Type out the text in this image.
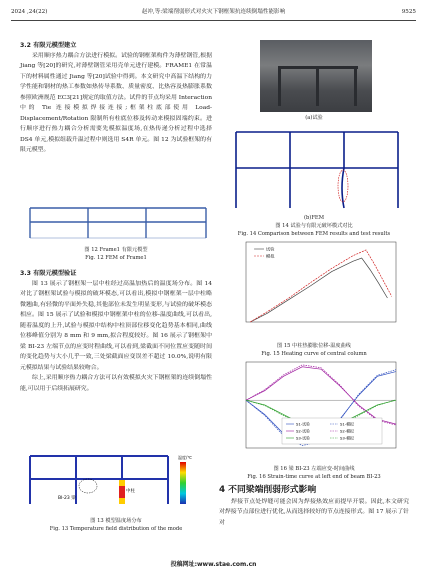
2024 ,24(22)	赵冲,等:梁端削弱形式对火灾下钢框架抗连续倒塌性能影响	9525
3.2 有限元模型建立

采用顺序热力耦合方法进行模拟。试验的钢框架构件为薄壁钢管,根据 Jiang 等[20]的研究,对薄壁钢管采用壳单元进行建模。FRAME1 在常温下的材料属性通过 Jiang 等[20]试验中得到。本文研究中高温下结构的力学性能和钢材的热工参数如热传导系数、质量密度、比热容及热膨胀系数参照欧洲规范 EC3[21]规定的取值方法。试件的节点均采用 Interaction 中的 Tie 连接模拟焊接连接;框架柱底部使用 Load-Displacement/Rotation 限制所有柱底位移及转动来模拟固端约束。进行顺序进行热力耦合分析需要先模拟温度场,在热传递分析过程中选择 DS4 单元,模拟组载升温过程中则选用 S4R 单元。图 12 为试验框架的有限元模型。

图 12 Frame1 有限元模型
Fig. 12 FEM of Frame1
3.3 有限元模型验证

图 13 展示了钢框架一层中柱经过高温加热后的温度场分布。图 14 对比了钢框架试验与模拟的破坏模态,可以看出,模拟中钢框架一层中柱略微翘曲,有轻微的平面外失稳,其他部位未发生明显变形,与试验的破坏模态相应。图 15 展示了试验和模拟中钢框架中柱的位移-温度曲线,可以看出,随着温度的上升,试验与模拟中结构中柱顶部位移变化趋势基本相同,曲线位移峰值分别为 8 mm 和 9 mm,拟合程度较好。图 16 展示了钢框架中梁 BI-23 左端节点的应变时程曲线,可以看到,梁截面不同位置应变随时间的变化趋势与大小几乎一致,三处梁截面应变误差不超过 10.0%,说明有限元模拟结果与试验结果较吻合。

综上,采用顺序热力耦合方法可以有效模拟火灾下钢框架的连续倒塌性能,可以用于后续拓展研究。

BI-23 梁
中柱
温度/℃
图 13 模型温度场分布
Fig. 13 Temperature field distribution of the mode
(a)试验
(b)FEM
图 14 试验与有限元破坏模式对比
Fig. 14 Comparison between FEM results and test results
试验
模拟
图 15 中柱热膨胀位移-温度曲线
Fig. 15 Heating curve of central column
S1-试验
S2-试验
S3-试验
S1-模拟
S2-模拟
S3-模拟
图 16 梁 BI-23 左端应变-时间曲线
Fig. 16 Strain-time curve at left end of beam BI-23
4 不同梁端削弱形式影响

焊接节点处焊缝可能会因为焊接热效应而提早开裂。因此,本文研究对焊接节点部位进行优化,从而选择较好的节点连接形式。图 17 展示了针对

投稿网址:www.stae.com.cn
